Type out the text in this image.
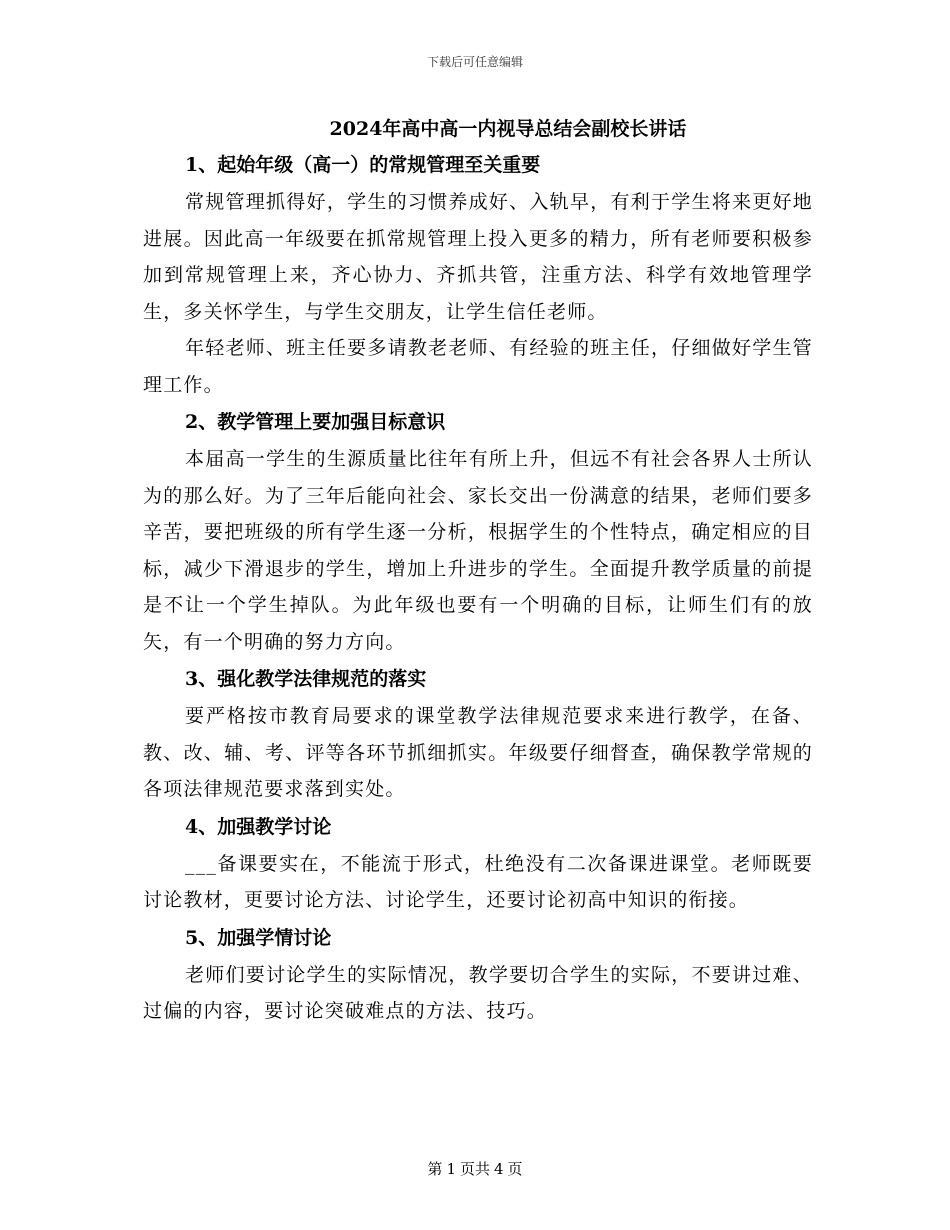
下载后可任意编辑
2024年高中高一内视导总结会副校长讲话
1、起始年级（高一）的常规管理至关重要

常规管理抓得好，学生的习惯养成好、入轨早，有利于学生将来更好地进展。因此高一年级要在抓常规管理上投入更多的精力，所有老师要积极参加到常规管理上来，齐心协力、齐抓共管，注重方法、科学有效地管理学生，多关怀学生，与学生交朋友，让学生信任老师。

年轻老师、班主任要多请教老老师、有经验的班主任，仔细做好学生管理工作。

2、教学管理上要加强目标意识

本届高一学生的生源质量比往年有所上升，但远不有社会各界人士所认为的那么好。为了三年后能向社会、家长交出一份满意的结果，老师们要多辛苦，要把班级的所有学生逐一分析，根据学生的个性特点，确定相应的目标，减少下滑退步的学生，增加上升进步的学生。全面提升教学质量的前提是不让一个学生掉队。为此年级也要有一个明确的目标，让师生们有的放矢，有一个明确的努力方向。

3、强化教学法律规范的落实

要严格按市教育局要求的课堂教学法律规范要求来进行教学，在备、教、改、辅、考、评等各环节抓细抓实。年级要仔细督查，确保教学常规的各项法律规范要求落到实处。

4、加强教学讨论

___备课要实在，不能流于形式，杜绝没有二次备课进课堂。老师既要讨论教材，更要讨论方法、讨论学生，还要讨论初高中知识的衔接。

5、加强学情讨论

老师们要讨论学生的实际情况，教学要切合学生的实际，不要讲过难、过偏的内容，要讨论突破难点的方法、技巧。

第 1 页共 4 页
